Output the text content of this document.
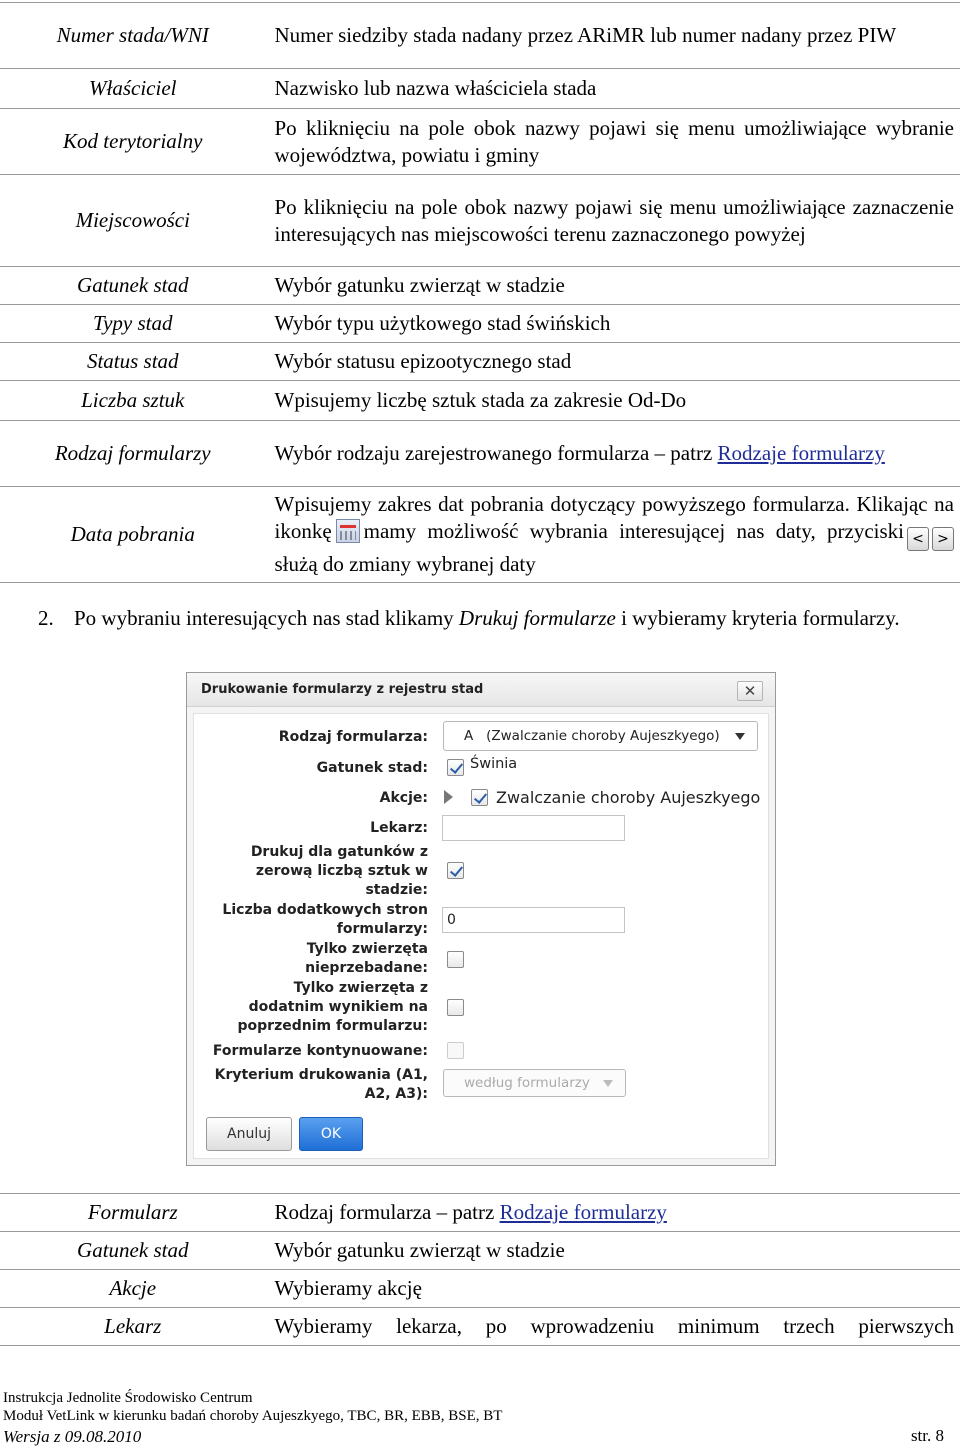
Numer stada/WNI	Numer siedziby stada nadany przez ARiMR lub numer nadany przez PIW
Właściciel	Nazwisko lub nazwa właściciela stada
Kod terytorialny	Po kliknięciu na pole obok nazwy pojawi się menu umożliwiające wybranie województwa, powiatu i gminy
Miejscowości	Po kliknięciu na pole obok nazwy pojawi się menu umożliwiające zaznaczenie interesujących nas miejscowości terenu zaznaczonego powyżej
Gatunek stad	Wybór gatunku zwierząt w stadzie
Typy stad	Wybór typu użytkowego stad świńskich
Status stad	Wybór statusu epizootycznego stad
Liczba sztuk	Wpisujemy liczbę sztuk stada za zakresie Od-Do
Rodzaj formularzy	Wybór rodzaju zarejestrowanego formularza – patrz Rodzaje formularzy
Data pobrania	Wpisujemy zakres dat pobrania dotyczący powyższego formularza. Klikając na ikonkę mamy możliwość wybrania interesującej nas daty, przyciski < > służą do zmiany wybranej daty
2. Po wybraniu interesujących nas stad klikamy Drukuj formularze i wybieramy kryteria formularzy.
Drukowanie formularzy z rejestru stad	✕
Rodzaj formularza:	A   (Zwalczanie choroby Aujeszkyego)
Gatunek stad:	Świnia
Akcje:	Zwalczanie choroby Aujeszkyego
Lekarz:
Drukuj dla gatunków z zerową liczbą sztuk w stadzie:
Liczba dodatkowych stron formularzy:
0
Tylko zwierzęta nieprzebadane:
Tylko zwierzęta z dodatnim wynikiem na poprzednim formularzu:
Formularze kontynuowane:
Kryterium drukowania (A1, A2, A3):
według formularzy
Anuluj	OK
Formularz	Rodzaj formularza – patrz Rodzaje formularzy
Gatunek stad	Wybór gatunku zwierząt w stadzie
Akcje	Wybieramy akcję
Lekarz	Wybieramy lekarza, po wprowadzeniu minimum trzech pierwszych
Instrukcja Jednolite Środowisko Centrum
Moduł VetLink w kierunku badań choroby Aujeszkyego, TBC, BR, EBB, BSE, BT
Wersja z 09.08.2010	str. 8
